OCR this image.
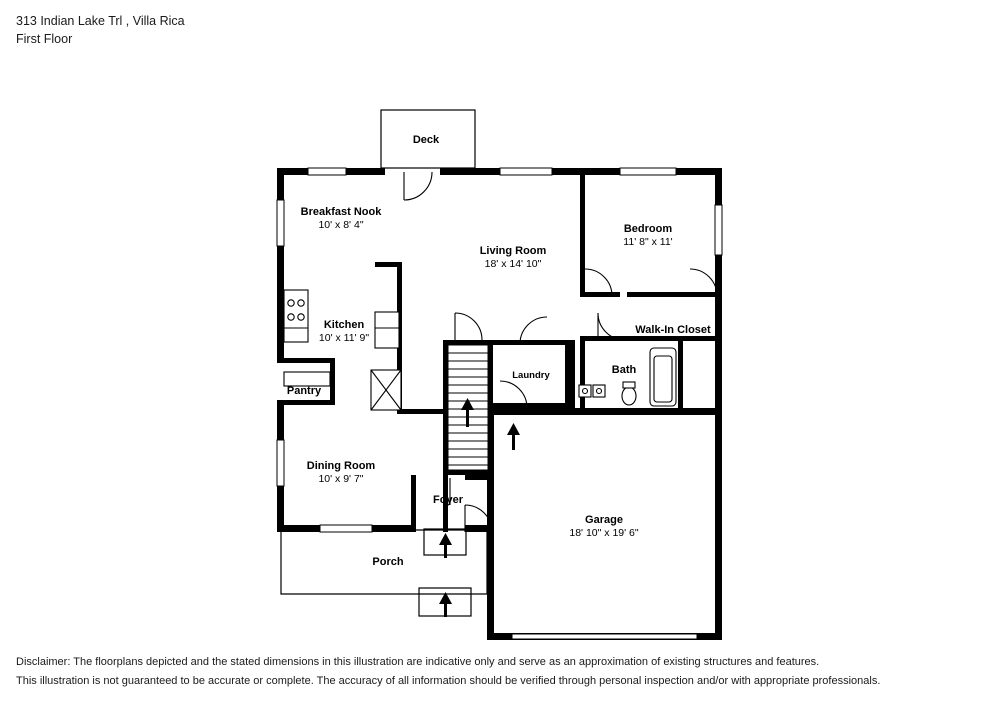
313 Indian Lake Trl , Villa Rica
First Floor
Deck
Breakfast Nook
10' x 8' 4"	Bedroom
11' 8" x 11'
Living Room
18' x 14' 10"
Kitchen
10' x 11' 9"
Walk-In Closet
Laundry	Bath
Pantry
Dining Room
10' x 9' 7"
Foyer
Garage
18' 10" x 19' 6"
Porch
Disclaimer: The floorplans depicted and the stated dimensions in this illustration are indicative only and serve as an approximation of existing structures and features.
This illustration is not guaranteed to be accurate or complete. The accuracy of all information should be verified through personal inspection and/or with appropriate professionals.
